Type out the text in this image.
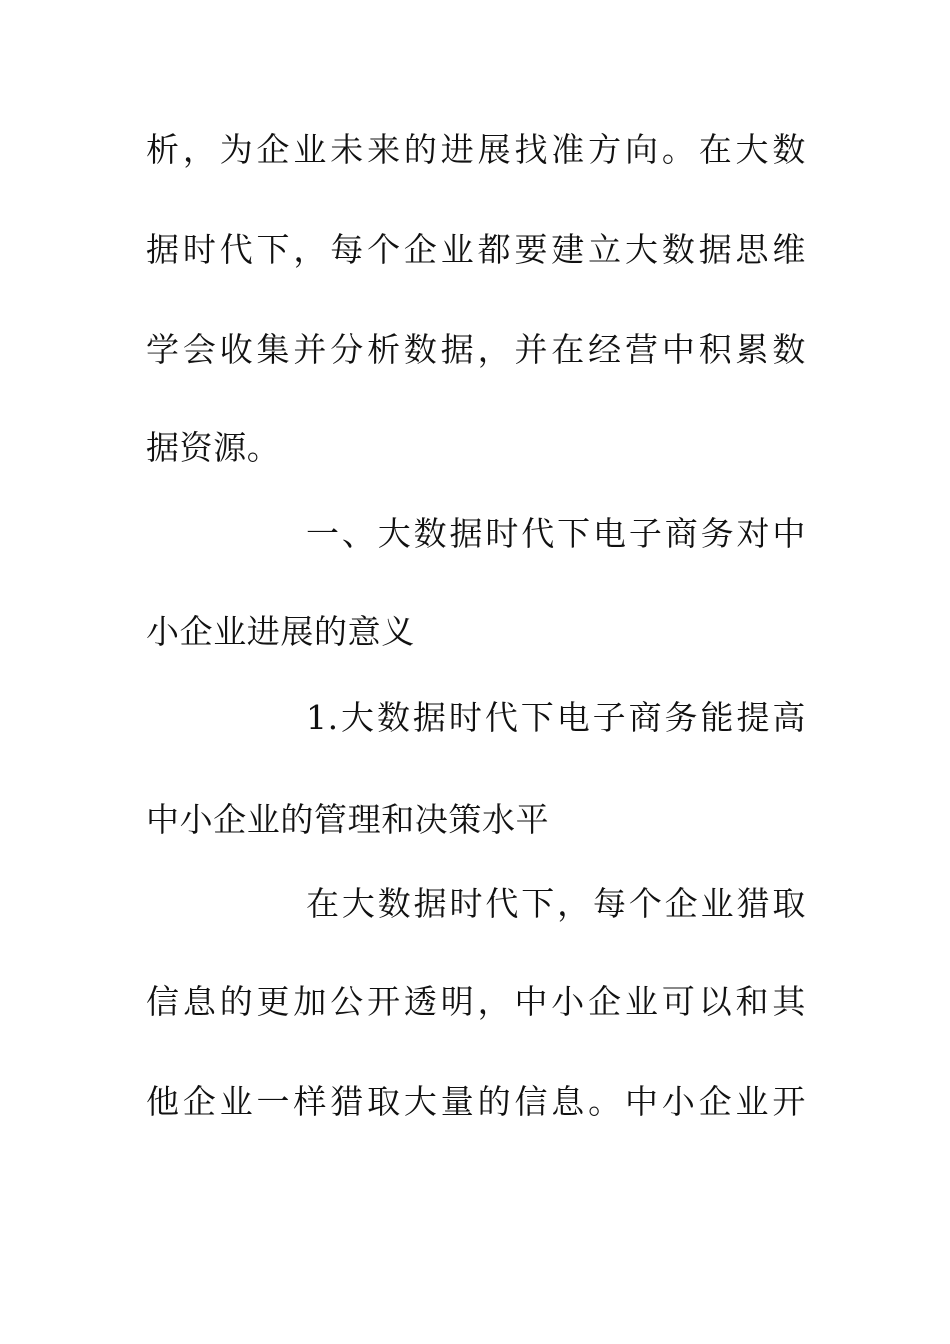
析，为企业未来的进展找准方向。在大数
据时代下，每个企业都要建立大数据思维
学会收集并分析数据，并在经营中积累数
据资源。
一、大数据时代下电子商务对中
小企业进展的意义
1.大数据时代下电子商务能提高
中小企业的管理和决策水平
在大数据时代下，每个企业猎取
信息的更加公开透明，中小企业可以和其
他企业一样猎取大量的信息。中小企业开
